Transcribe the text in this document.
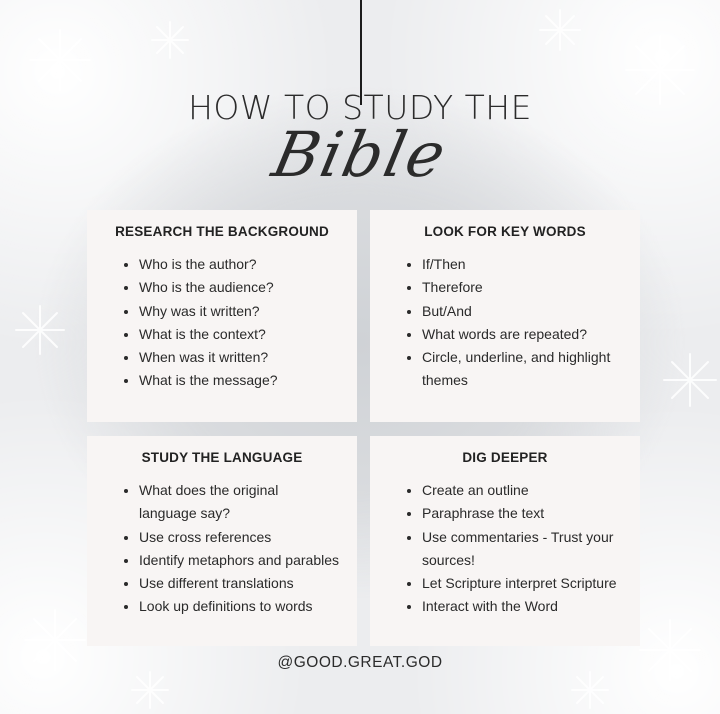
HOW TO STUDY THE
Bible
RESEARCH THE BACKGROUND
• Who is the author?
• Who is the audience?
• Why was it written?
• What is the context?
• When was it written?
• What is the message?
LOOK FOR KEY WORDS
• If/Then
• Therefore
• But/And
• What words are repeated?
• Circle, underline, and highlight themes
STUDY THE LANGUAGE
• What does the original language say?
• Use cross references
• Identify metaphors and parables
• Use different translations
• Look up definitions to words
DIG DEEPER
• Create an outline
• Paraphrase the text
• Use commentaries - Trust your sources!
• Let Scripture interpret Scripture
• Interact with the Word
@GOOD.GREAT.GOD
